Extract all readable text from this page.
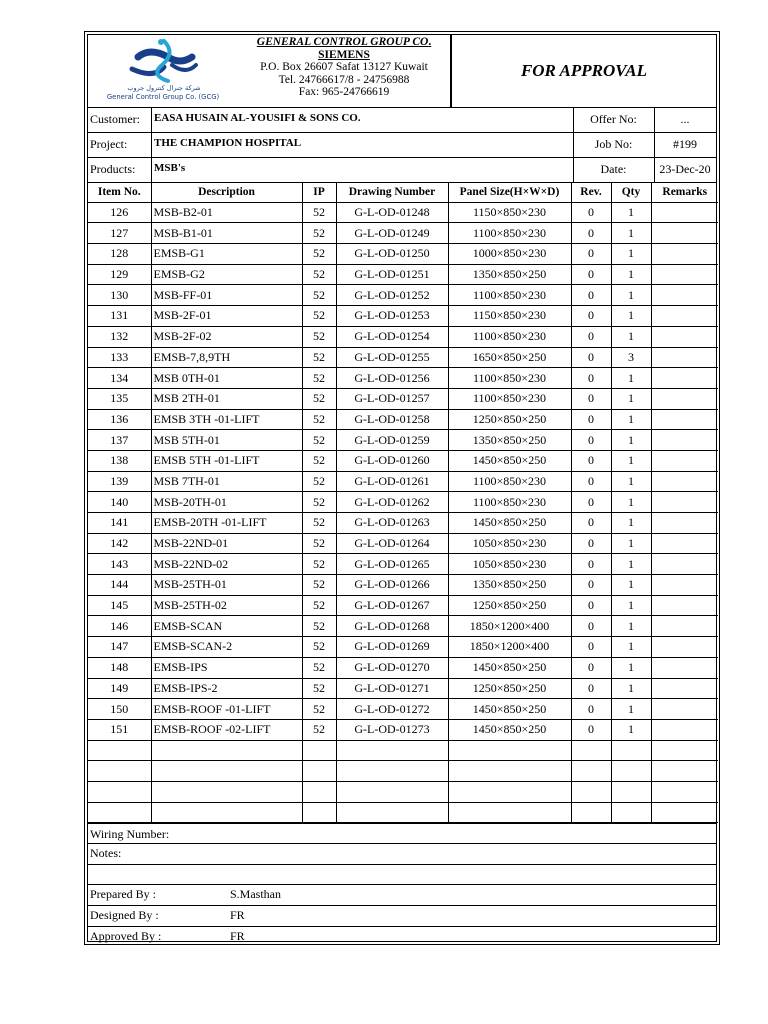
شركة جنرال كنترول جروب
General Control Group Co. (GCG)
GENERAL CONTROL GROUP CO.
SIEMENS
P.O. Box 26607 Safat 13127 Kuwait
Tel. 24766617/8 - 24756988
Fax: 965-24766619
FOR APPROVAL
Customer: EASA HUSAIN AL-YOUSIFI & SONS CO.	Offer No:	...
Project: THE CHAMPION HOSPITAL	Job No:	#199
Products: MSB's	Date:	23-Dec-20
Item No.	Description	IP	Drawing Number	Panel Size(H×W×D)	Rev.	Qty	Remarks
126	MSB-B2-01	52	G-L-OD-01248	1150×850×230	0	1	
127	MSB-B1-01	52	G-L-OD-01249	1100×850×230	0	1	
128	EMSB-G1	52	G-L-OD-01250	1000×850×230	0	1	
129	EMSB-G2	52	G-L-OD-01251	1350×850×250	0	1	
130	MSB-FF-01	52	G-L-OD-01252	1100×850×230	0	1	
131	MSB-2F-01	52	G-L-OD-01253	1150×850×230	0	1	
132	MSB-2F-02	52	G-L-OD-01254	1100×850×230	0	1	
133	EMSB-7,8,9TH	52	G-L-OD-01255	1650×850×250	0	3	
134	MSB 0TH-01	52	G-L-OD-01256	1100×850×230	0	1	
135	MSB 2TH-01	52	G-L-OD-01257	1100×850×230	0	1	
136	EMSB 3TH -01-LIFT	52	G-L-OD-01258	1250×850×250	0	1	
137	MSB 5TH-01	52	G-L-OD-01259	1350×850×250	0	1	
138	EMSB 5TH -01-LIFT	52	G-L-OD-01260	1450×850×250	0	1	
139	MSB 7TH-01	52	G-L-OD-01261	1100×850×230	0	1	
140	MSB-20TH-01	52	G-L-OD-01262	1100×850×230	0	1	
141	EMSB-20TH -01-LIFT	52	G-L-OD-01263	1450×850×250	0	1	
142	MSB-22ND-01	52	G-L-OD-01264	1050×850×230	0	1	
143	MSB-22ND-02	52	G-L-OD-01265	1050×850×230	0	1	
144	MSB-25TH-01	52	G-L-OD-01266	1350×850×250	0	1	
145	MSB-25TH-02	52	G-L-OD-01267	1250×850×250	0	1	
146	EMSB-SCAN	52	G-L-OD-01268	1850×1200×400	0	1	
147	EMSB-SCAN-2	52	G-L-OD-01269	1850×1200×400	0	1	
148	EMSB-IPS	52	G-L-OD-01270	1450×850×250	0	1	
149	EMSB-IPS-2	52	G-L-OD-01271	1250×850×250	0	1	
150	EMSB-ROOF -01-LIFT	52	G-L-OD-01272	1450×850×250	0	1	
151	EMSB-ROOF -02-LIFT	52	G-L-OD-01273	1450×850×250	0	1	

Wiring Number:
Notes:
Prepared By :	S.Masthan
Designed By :	FR
Approved By :	FR
